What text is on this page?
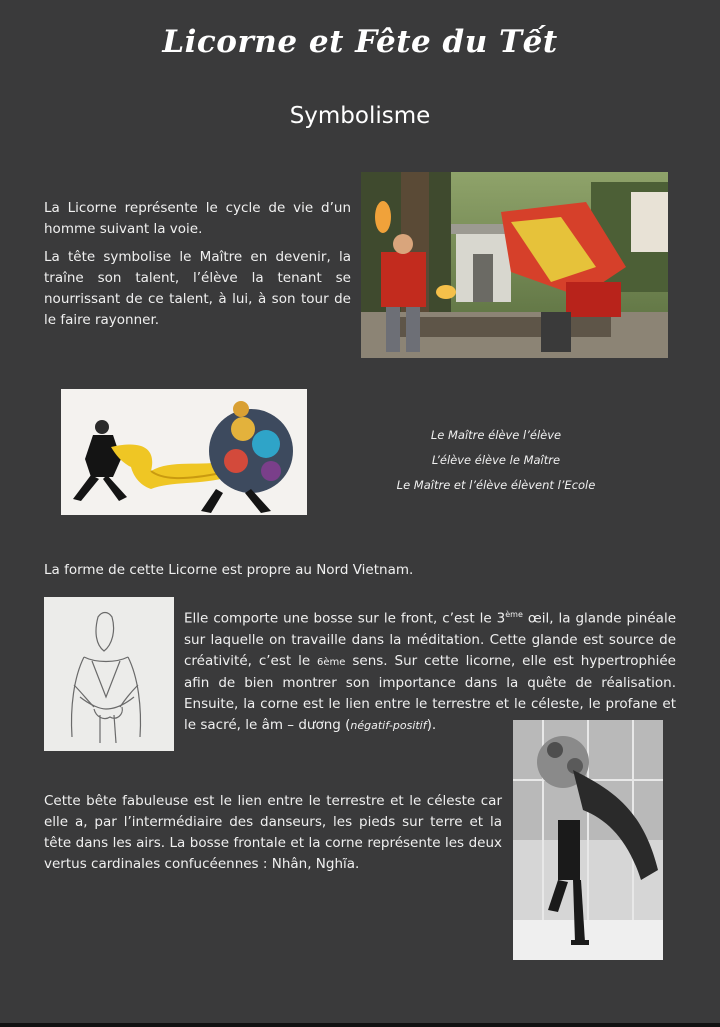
Licorne et Fête du Tết
Symbolisme

La Licorne représente le cycle de vie d’un homme suivant la voie.

La tête symbolise le Maître en devenir, la traîne son talent, l’élève la tenant se nourrissant de ce talent, à lui, à son tour de le faire rayonner.

Le Maître élève l’élève
L’élève élève le Maître
Le Maître et l’élève élèvent l’Ecole
La forme de cette Licorne est propre au Nord Vietnam.
Elle comporte une bosse sur le front, c’est le 3ème œil, la glande pinéale sur laquelle on travaille dans la méditation. Cette glande est source de créativité, c’est le 6ème sens. Sur cette licorne, elle est hypertrophiée afin de bien montrer son importance dans la quête de réalisation. Ensuite, la corne est le lien entre le terrestre et le céleste, le profane et le sacré, le âm – dương (négatif-positif).
Cette bête fabuleuse est le lien entre le terrestre et le céleste car elle a, par l’intermédiaire des danseurs, les pieds sur terre et la tête dans les airs. La bosse frontale et la corne représente les deux vertus cardinales confucéennes : Nhân, Nghĩa.
